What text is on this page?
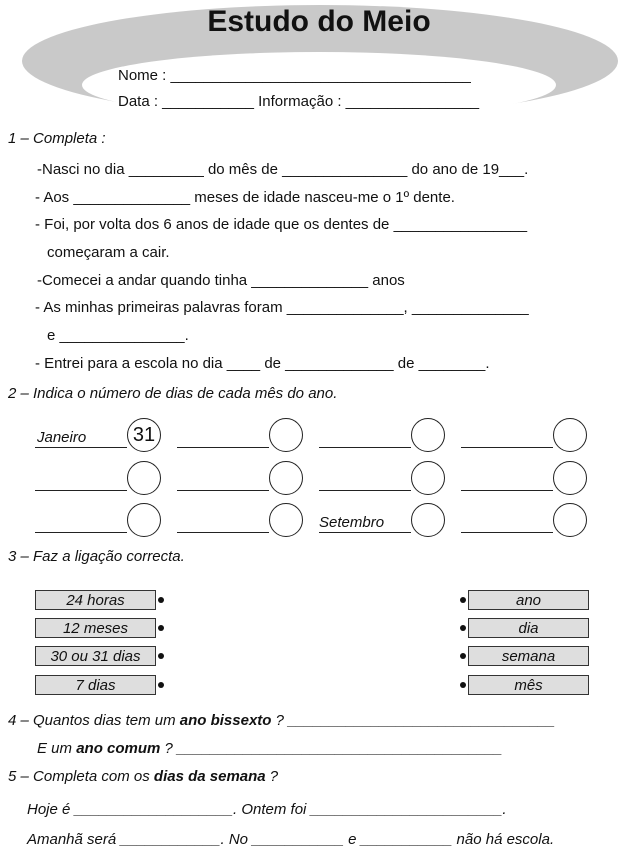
Estudo do Meio
Nome : ____________________________________
Data : ___________ Informação : ________________
1 – Completa :
-Nasci no dia _________ do mês de _______________ do ano de 19___.
- Aos ______________ meses de idade nasceu-me o 1º dente.
- Foi, por volta dos 6 anos de idade que os dentes de ________________
começaram a cair.
-Comecei a andar quando tinha ______________ anos
- As minhas primeiras palavras foram ______________, ______________
e _______________.
- Entrei para a escola no dia ____ de _____________ de ________.
2 – Indica o número de dias de cada mês do ano.
Janeiro 31
Setembro
3 – Faz a ligação correcta.
24 horas
12 meses
30 ou 31 dias
7 dias
ano
dia
semana
mês
4 – Quantos dias tem um ano bissexto ? ________________________________
E um ano comum ? _______________________________________
5 – Completa com os dias da semana ?
Hoje é ___________________. Ontem foi _______________________.
Amanhã será ____________. No ___________ e ___________ não há escola.
